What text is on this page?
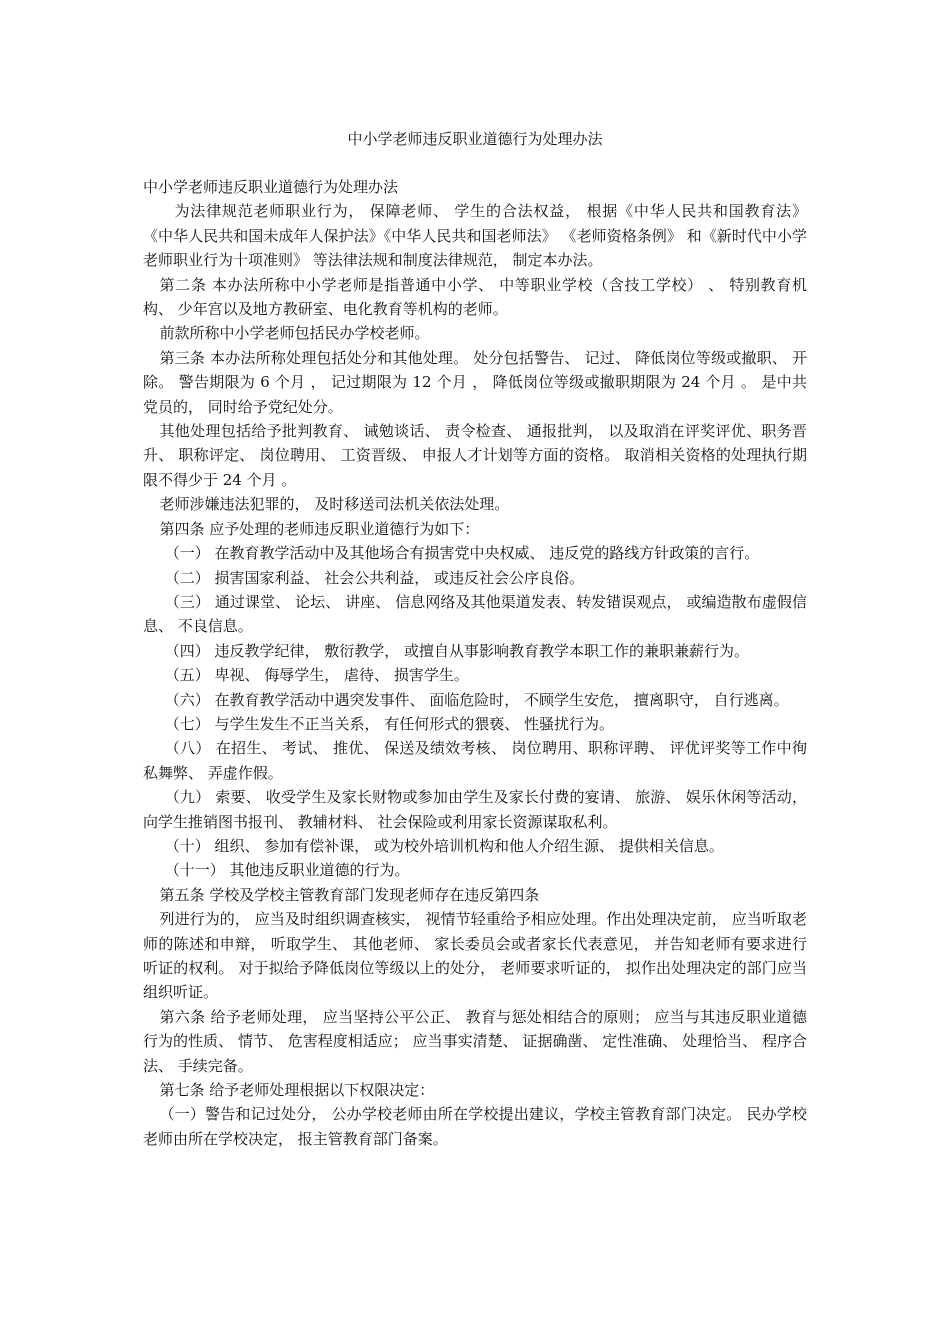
中小学老师违反职业道德行为处理办法

中小学老师违反职业道德行为处理办法

为法律规范老师职业行为， 保障老师、 学生的合法权益， 根据《中华人民共和国教育法》 《中华人民共和国未成年人保护法》《中华人民共和国老师法》 《老师资格条例》 和《新时代中小学老师职业行为十项准则》 等法律法规和制度法律规范， 制定本办法。

第二条 本办法所称中小学老师是指普通中小学、 中等职业学校（含技工学校） 、 特别教育机构、 少年宫以及地方教研室、电化教育等机构的老师。

前款所称中小学老师包括民办学校老师。

第三条 本办法所称处理包括处分和其他处理。 处分包括警告、 记过、 降低岗位等级或撤职、 开除。 警告期限为 6 个月 ， 记过期限为 12 个月 ， 降低岗位等级或撤职期限为 24 个月 。 是中共党员的， 同时给予党纪处分。

其他处理包括给予批判教育、 诫勉谈话、 责令检查、 通报批判， 以及取消在评奖评优、职务晋升、 职称评定、 岗位聘用、 工资晋级、 申报人才计划等方面的资格。 取消相关资格的处理执行期限不得少于 24 个月 。

老师涉嫌违法犯罪的， 及时移送司法机关依法处理。

第四条 应予处理的老师违反职业道德行为如下：

（一） 在教育教学活动中及其他场合有损害党中央权威、 违反党的路线方针政策的言行。

（二） 损害国家利益、 社会公共利益， 或违反社会公序良俗。

（三） 通过课堂、 论坛、 讲座、 信息网络及其他渠道发表、转发错误观点， 或编造散布虚假信息、 不良信息。

（四） 违反教学纪律， 敷衍教学， 或擅自从事影响教育教学本职工作的兼职兼薪行为。

（五） 卑视、 侮辱学生， 虐待、 损害学生。

（六） 在教育教学活动中遇突发事件、 面临危险时， 不顾学生安危， 擅离职守， 自行逃离。

（七） 与学生发生不正当关系， 有任何形式的猥亵、 性骚扰行为。

（八） 在招生、 考试、 推优、 保送及绩效考核、 岗位聘用、职称评聘、 评优评奖等工作中徇私舞弊、 弄虚作假。

（九） 索要、 收受学生及家长财物或参加由学生及家长付费的宴请、 旅游、 娱乐休闲等活动， 向学生推销图书报刊、 教辅材料、 社会保险或利用家长资源谋取私利。

（十） 组织、 参加有偿补课， 或为校外培训机构和他人介绍生源、 提供相关信息。

（十一） 其他违反职业道德的行为。

第五条 学校及学校主管教育部门发现老师存在违反第四条

列进行为的， 应当及时组织调查核实， 视情节轻重给予相应处理。作出处理决定前， 应当听取老师的陈述和申辩， 听取学生、 其他老师、 家长委员会或者家长代表意见， 并告知老师有要求进行听证的权利。 对于拟给予降低岗位等级以上的处分， 老师要求听证的， 拟作出处理决定的部门应当组织听证。

第六条 给予老师处理， 应当坚持公平公正、 教育与惩处相结合的原则； 应当与其违反职业道德行为的性质、 情节、 危害程度相适应； 应当事实清楚、 证据确凿、 定性准确、 处理恰当、 程序合法、 手续完备。

第七条 给予老师处理根据以下权限决定：

（一）警告和记过处分， 公办学校老师由所在学校提出建议，学校主管教育部门决定。 民办学校老师由所在学校决定， 报主管教育部门备案。
